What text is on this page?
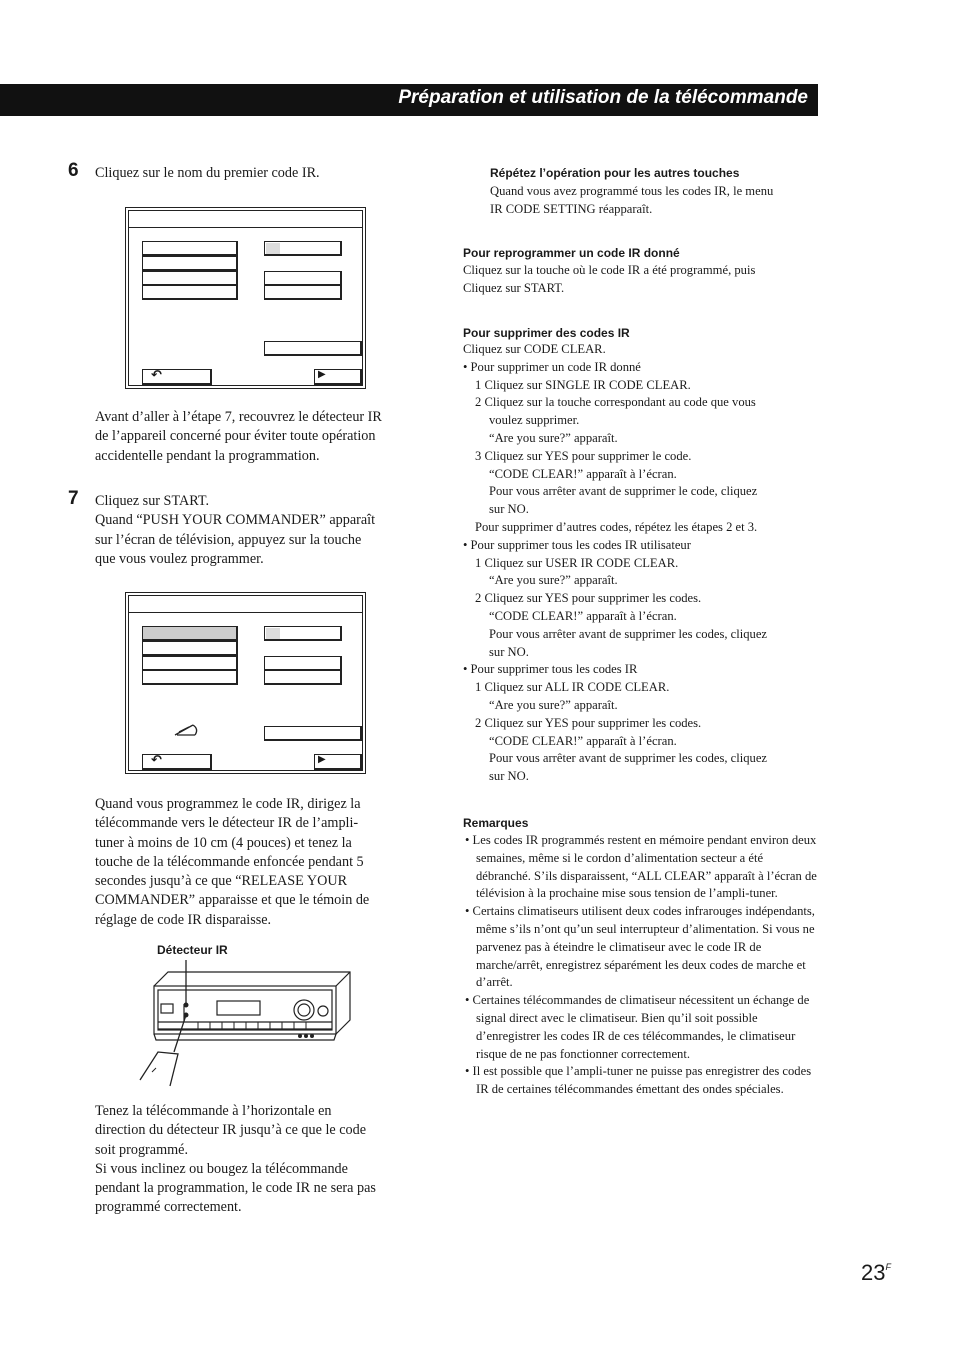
Préparation et utilisation de la télécommande
6 Cliquez sur le nom du premier code IR.
↶	▶
Avant d’aller à l’étape 7, recouvrez le détecteur IR
de l’appareil concerné pour éviter toute opération
accidentelle pendant la programmation.
7 Cliquez sur START.
Quand “PUSH YOUR COMMANDER” apparaît
sur l’écran de télévision, appuyez sur la touche
que vous voulez programmer.
↶	▶
Quand vous programmez le code IR, dirigez la
télécommande vers le détecteur IR de l’ampli-
tuner à moins de 10 cm (4 pouces) et tenez la
touche de la télécommande enfoncée pendant 5
secondes jusqu’à ce que “RELEASE YOUR
COMMANDER” apparaisse et que le témoin de
réglage de code IR disparaisse.
Détecteur IR
Tenez la télécommande à l’horizontale en
direction du détecteur IR jusqu’à ce que le code
soit programmé.
Si vous inclinez ou bougez la télécommande
pendant la programmation, le code IR ne sera pas
programmé correctement.
Répétez l’opération pour les autres touches
Quand vous avez programmé tous les codes IR, le menu
IR CODE SETTING réapparaît.
Pour reprogrammer un code IR donné
Cliquez sur la touche où le code IR a été programmé, puis
Cliquez sur START.
Pour supprimer des codes IR
Cliquez sur CODE CLEAR.
• Pour supprimer un code IR donné
1 Cliquez sur SINGLE IR CODE CLEAR.
2 Cliquez sur la touche correspondant au code que vous
voulez supprimer.
“Are you sure?” apparaît.
3 Cliquez sur YES pour supprimer le code.
“CODE CLEAR!” apparaît à l’écran.
Pour vous arrêter avant de supprimer le code, cliquez
sur NO.
Pour supprimer d’autres codes, répétez les étapes 2 et 3.
• Pour supprimer tous les codes IR utilisateur
1 Cliquez sur USER IR CODE CLEAR.
“Are you sure?” apparaît.
2 Cliquez sur YES pour supprimer les codes.
“CODE CLEAR!” apparaît à l’écran.
Pour vous arrêter avant de supprimer les codes, cliquez
sur NO.
• Pour supprimer tous les codes IR
1 Cliquez sur ALL IR CODE CLEAR.
“Are you sure?” apparaît.
2 Cliquez sur YES pour supprimer les codes.
“CODE CLEAR!” apparaît à l’écran.
Pour vous arrêter avant de supprimer les codes, cliquez
sur NO.
Remarques
• Les codes IR programmés restent en mémoire pendant environ deux semaines, même si le cordon d’alimentation secteur a été débranché. S’ils disparaissent, “ALL CLEAR” apparaît à l’écran de télévision à la prochaine mise sous tension de l’ampli-tuner.
• Certains climatiseurs utilisent deux codes infrarouges indépendants, même s’ils n’ont qu’un seul interrupteur d’alimentation. Si vous ne parvenez pas à éteindre le climatiseur avec le code IR de marche/arrêt, enregistrez séparément les deux codes de marche et d’arrêt.
• Certaines télécommandes de climatiseur nécessitent un échange de signal direct avec le climatiseur. Bien qu’il soit possible d’enregistrer les codes IR de ces télécommandes, le climatiseur risque de ne pas fonctionner correctement.
• Il est possible que l’ampli-tuner ne puisse pas enregistrer des codes IR de certaines télécommandes émettant des ondes spéciales.
$23^F$
